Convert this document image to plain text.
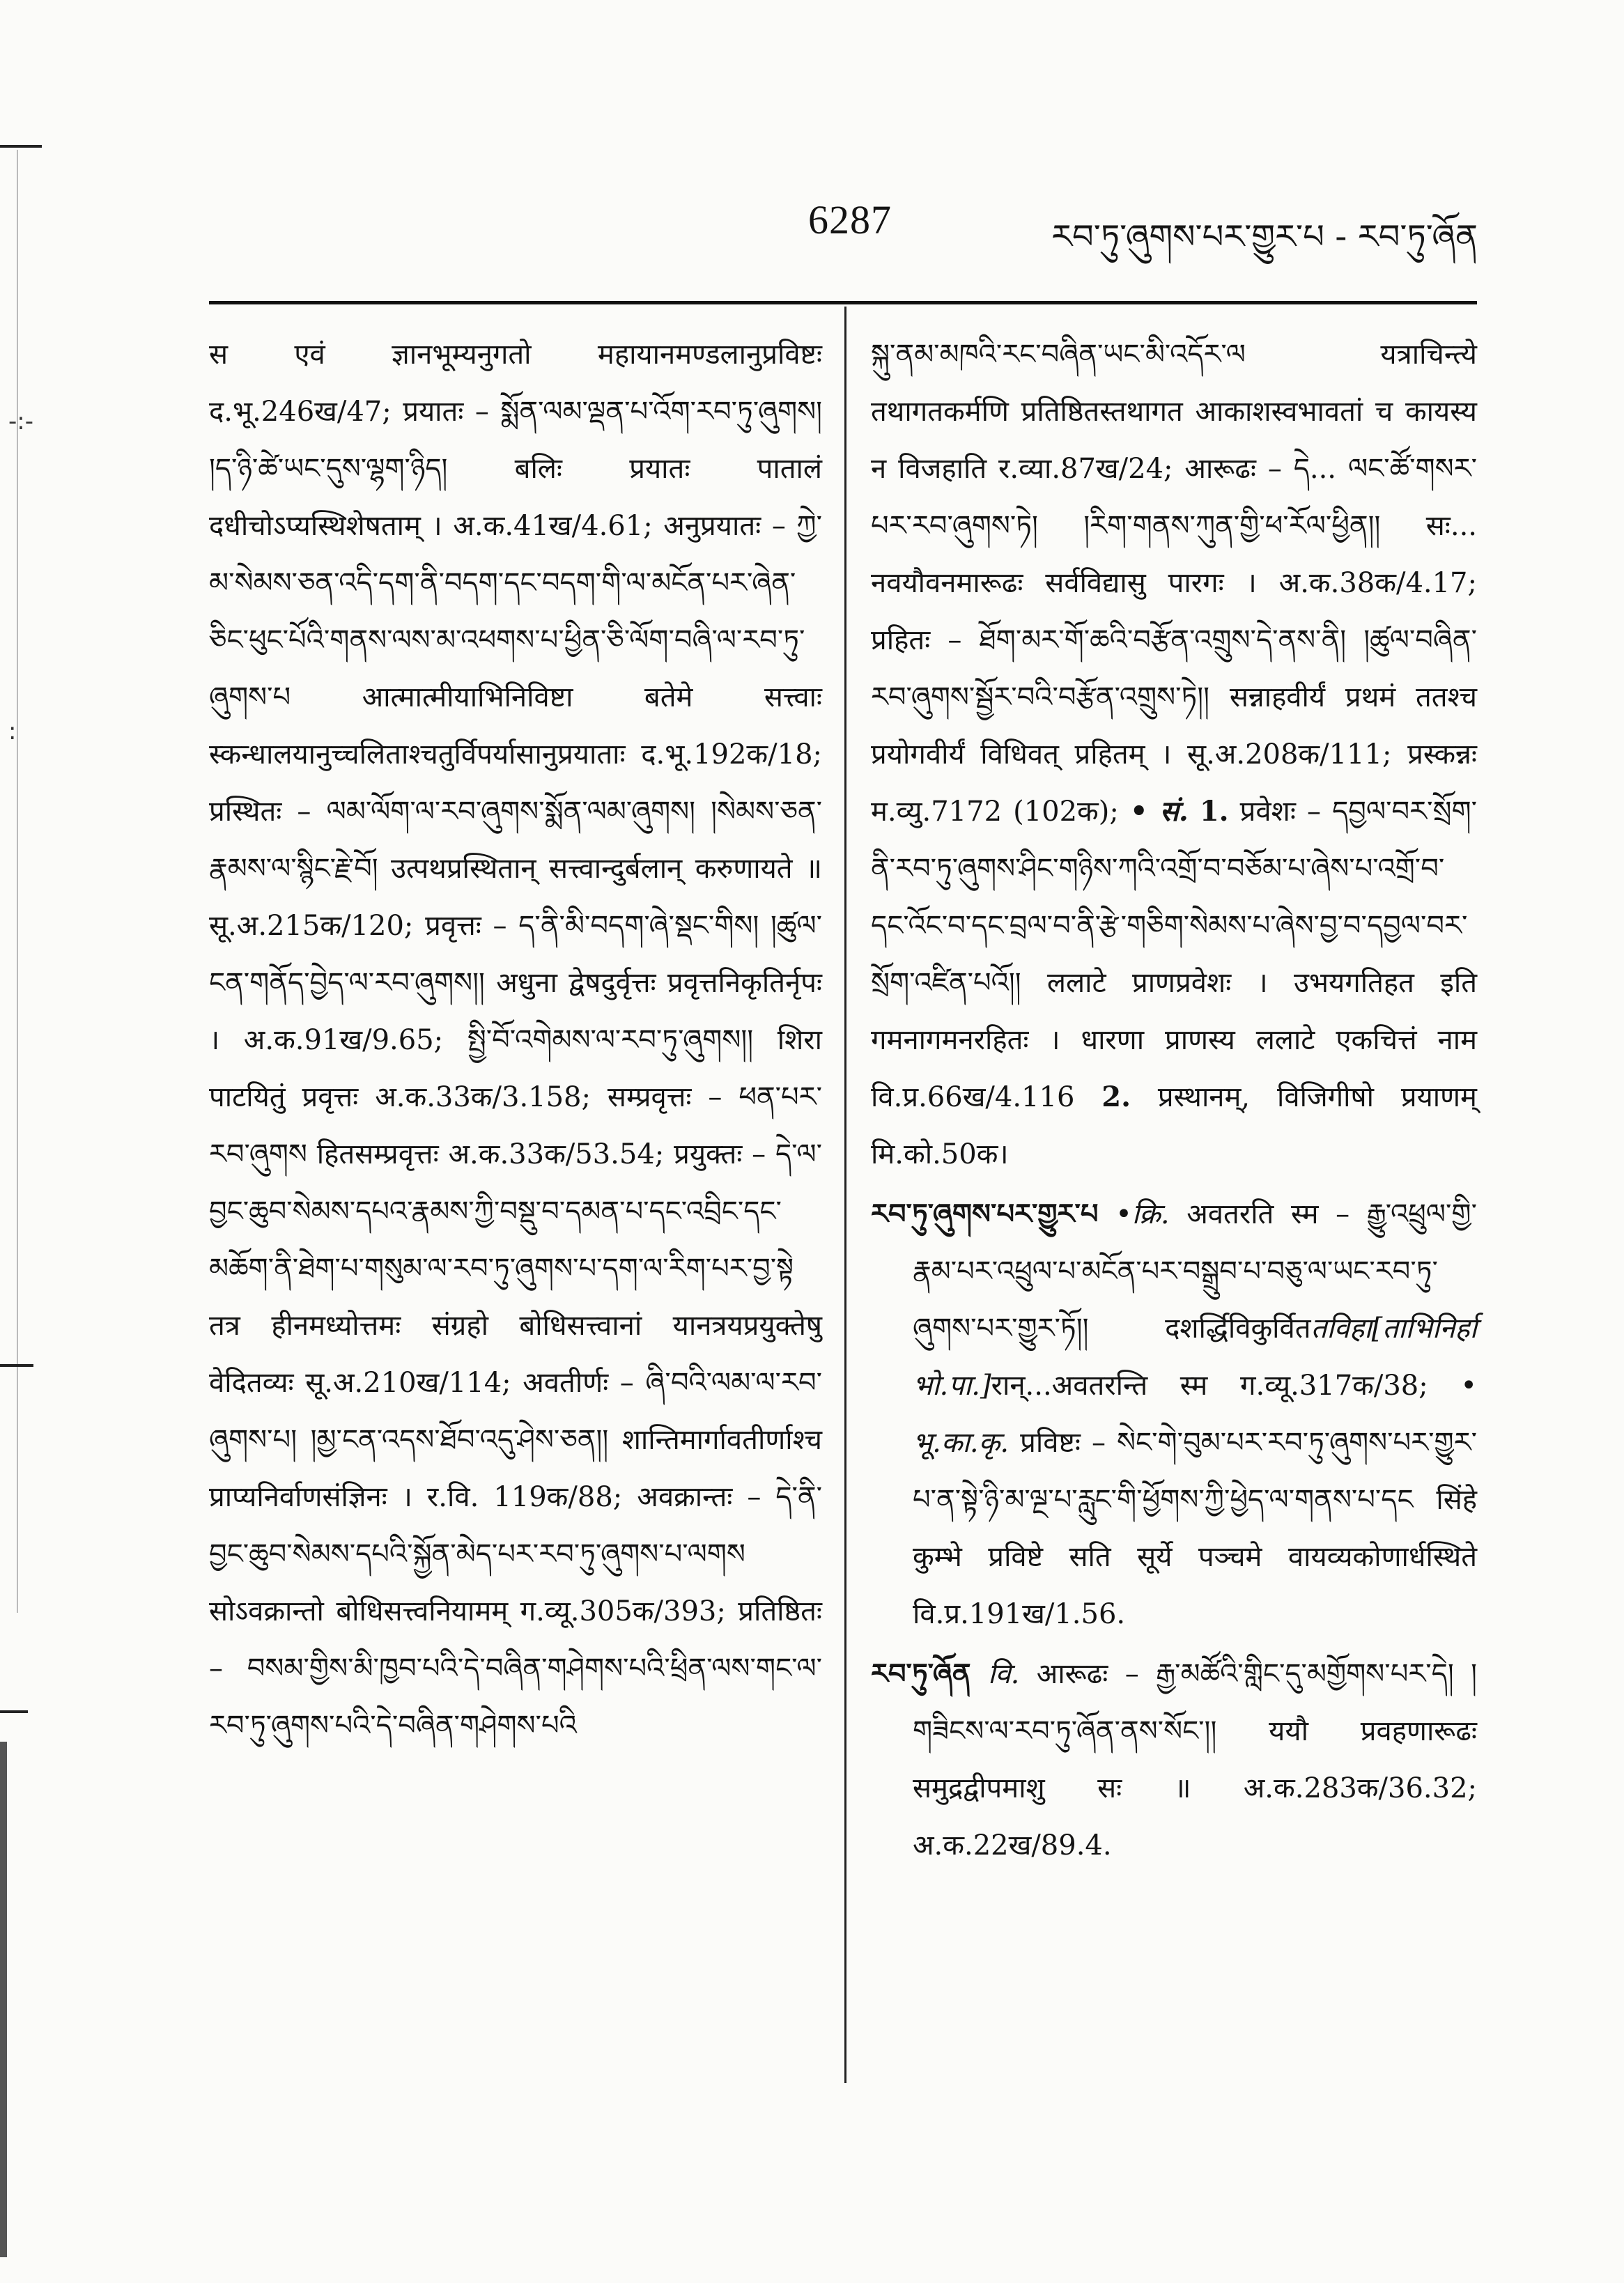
-:-
:
6287	རབ་ཏུ་ཞུགས་པར་གྱུར་པ - རབ་ཏུ་ཞོན

स एवं ज्ञानभूम्यनुगतो महायानमण्डलानुप्रविष्टः द.भू.246ख/47; प्रयातः – སྨོན་ལམ་ལྡན་པ་འོག་རབ་ཏུ་ཞུགས། །ད་ཉི་ཚེ་ཡང་དུས་ལྷག་ཉིད། बलिः प्रयातः पातालं दधीचोऽप्यस्थिशेषताम् । अ.क.41ख/4.61; अनुप्रयातः – ཀྱེ་མ་སེམས་ཅན་འདི་དག་ནི་བདག་དང་བདག་གི་ལ་མངོན་པར་ཞེན་ཅིང་ཕུང་པོའི་གནས་ལས་མ་འཕགས་པ་ཕྱིན་ཅི་ལོག་བཞི་ལ་རབ་ཏུ་ཞུགས་པ आत्मात्मीयाभिनिविष्टा बतेमे सत्त्वाः स्कन्धालयानुच्चलिताश्चतुर्विपर्यासानुप्रयाताः द.भू.192क/18; प्रस्थितः – ལམ་ལོག་ལ་རབ་ཞུགས་སྨོན་ལམ་ཞུགས། །སེམས་ཅན་རྣམས་ལ་སྙིང་རྗེ་བོ། उत्पथप्रस्थितान् सत्त्वान्दुर्बलान् करुणायते ॥ सू.अ.215क/120; प्रवृत्तः – ད་ནི་མི་བདག་ཞེ་སྡང་གིས། །ཚུལ་ངན་གནོད་བྱེད་ལ་རབ་ཞུགས།། अधुना द्वेषदुर्वृत्तः प्रवृत्तनिकृतिर्नृपः । अ.क.91ख/9.65; སྤྱི་བོ་འགེམས་ལ་རབ་ཏུ་ཞུགས།། शिरा पाटयितुं प्रवृत्तः अ.क.33क/3.158; सम्प्रवृत्तः – ཕན་པར་རབ་ཞུགས हितसम्प्रवृत्तः अ.क.33क/53.54; प्रयुक्तः – དེ་ལ་བྱང་ཆུབ་སེམས་དཔའ་རྣམས་ཀྱི་བསྡུ་བ་དམན་པ་དང་འབྲིང་དང་མཆོག་ནི་ཐེག་པ་གསུམ་ལ་རབ་ཏུ་ཞུགས་པ་དག་ལ་རིག་པར་བྱ་སྟེ तत्र हीनमध्योत्तमः संग्रहो बोधिसत्त्वानां यानत्रयप्रयुक्तेषु वेदितव्यः सू.अ.210ख/114; अवतीर्णः – ཞི་བའི་ལམ་ལ་རབ་ཞུགས་པ། །མྱ་ངན་འདས་ཐོབ་འདུ་ཤེས་ཅན།། शान्तिमार्गावतीर्णाश्च प्राप्यनिर्वाणसंज्ञिनः । र.वि. 119क/88; अवक्रान्तः – དེ་ནི་བྱང་ཆུབ་སེམས་དཔའི་སྐྱོན་མེད་པར་རབ་ཏུ་ཞུགས་པ་ལགས सोऽवक्रान्तो बोधिसत्त्वनियामम् ग.व्यू.305क/393; प्रतिष्ठितः – བསམ་གྱིས་མི་ཁྱབ་པའི་དེ་བཞིན་གཤེགས་པའི་ཕྲིན་ལས་གང་ལ་རབ་ཏུ་ཞུགས་པའི་དེ་བཞིན་གཤེགས་པའི

སྐུ་ནམ་མཁའི་རང་བཞིན་ཡང་མི་འདོར་ལ यत्राचिन्त्ये तथागतकर्मणि प्रतिष्ठितस्तथागत आकाशस्वभावतां च कायस्य न विजहाति र.व्या.87ख/24; आरूढः – དེ... ལང་ཚོ་གསར་པར་རབ་ཞུགས་ཏེ། །རིག་གནས་ཀུན་གྱི་ཕ་རོལ་ཕྱིན།། सः... नवयौवनमारूढः सर्वविद्यासु पारगः । अ.क.38क/4.17; प्रहितः – ཐོག་མར་གོ་ཆའི་བརྩོན་འགྲུས་དེ་ནས་ནི། །ཚུལ་བཞིན་རབ་ཞུགས་སྦྱོར་བའི་བརྩོན་འགྲུས་ཏེ།། सन्नाहवीर्यं प्रथमं ततश्च प्रयोगवीर्यं विधिवत् प्रहितम् । सू.अ.208क/111; प्रस्कन्नः म.व्यु.7172 (102क); • सं. 1. प्रवेशः – དབྱལ་བར་སྲོག་ནི་རབ་ཏུ་ཞུགས་ཤིང་གཉིས་ཀའི་འགྲོ་བ་བཅོམ་པ་ཞེས་པ་འགྲོ་བ་དང་འོང་བ་དང་བྲལ་བ་ནི་རྩེ་གཅིག་སེམས་པ་ཞེས་བྱ་བ་དབྱལ་བར་སྲོག་འཛིན་པའོ།། ललाटे प्राणप्रवेशः । उभयगतिहत इति गमनागमनरहितः । धारणा प्राणस्य ललाटे एकचित्तं नाम वि.प्र.66ख/4.116 2. प्रस्थानम्, विजिगीषो प्रयाणम् मि.को.50क।

རབ་ཏུ་ཞུགས་པར་གྱུར་པ •क्रि. अवतरति स्म – རྒྱུ་འཕྲུལ་གྱི་རྣམ་པར་འཕྲུལ་པ་མངོན་པར་བསྒྲུབ་པ་བཅུ་ལ་ཡང་རབ་ཏུ་ཞུགས་པར་གྱུར་ཏོ།། दशर्द्धिविकुर्विततविहा[ताभिनिर्हा भो.पा.]रान्...अवतरन्ति स्म ग.व्यू.317क/38; • भू.का.कृ. प्रविष्टः – སེང་གེ་བུམ་པར་རབ་ཏུ་ཞུགས་པར་གྱུར་པ་ན་སྟེ་ཉི་མ་ལྔ་པ་རླུང་གི་ཕྱོགས་ཀྱི་ཕྱེད་ལ་གནས་པ་དང सिंहे कुम्भे प्रविष्टे सति सूर्ये पञ्चमे वायव्यकोणार्धस्थिते वि.प्र.191ख/1.56.

རབ་ཏུ་ཞོན वि. आरूढः – རྒྱ་མཚོའི་གླིང་དུ་མགྱོགས་པར་དེ། །གཟིངས་ལ་རབ་ཏུ་ཞོན་ནས་སོང་།། ययौ प्रवहणारूढः समुद्रद्वीपमाशु सः ॥ अ.क.283क/36.32; अ.क.22ख/89.4.
